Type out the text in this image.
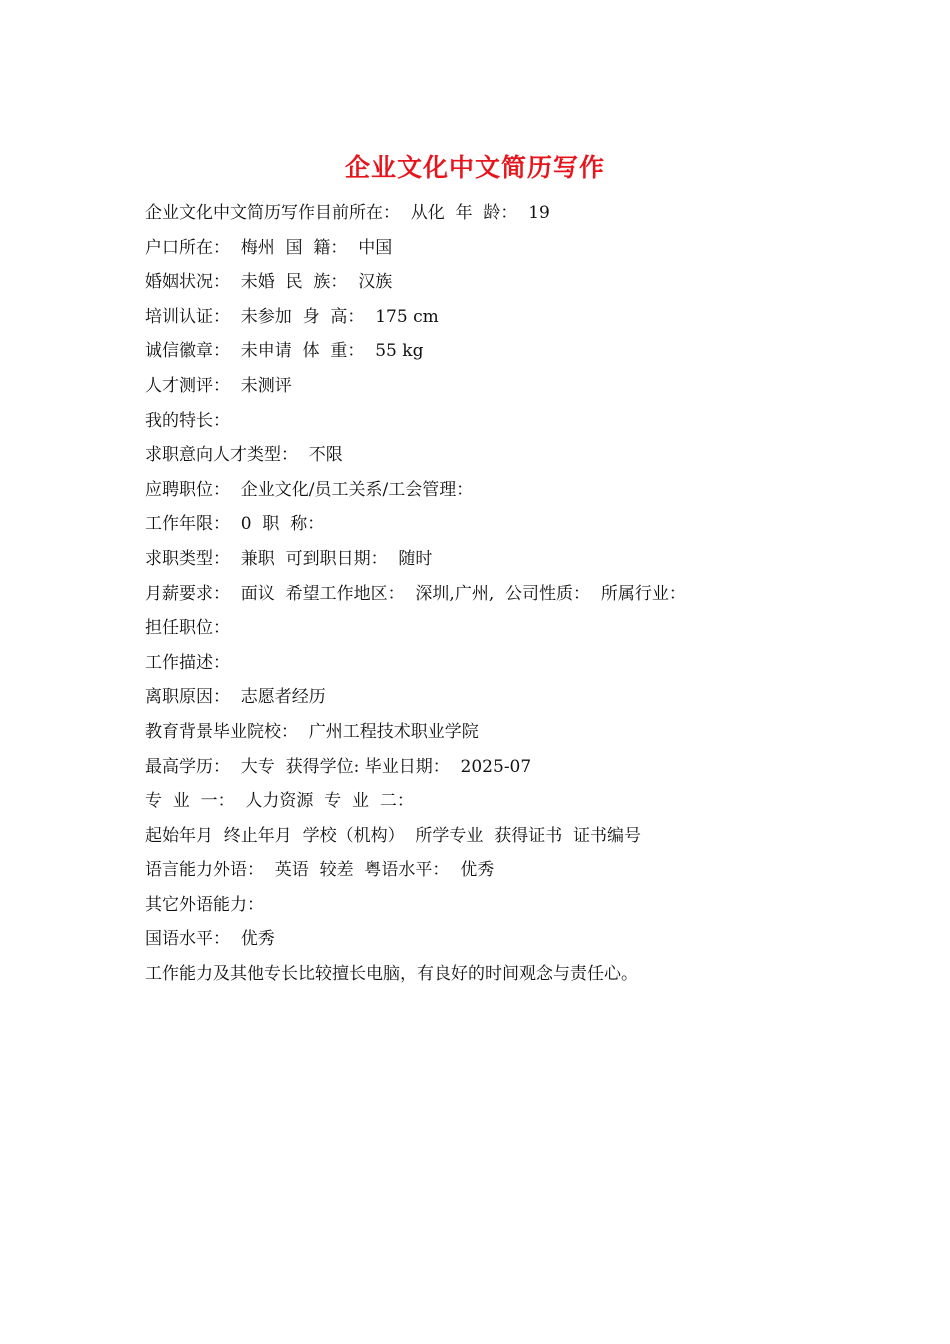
企业文化中文简历写作
企业文化中文简历写作目前所在：  从化  年  龄：  19
户口所在：  梅州  国  籍：  中国
婚姻状况：  未婚  民  族：  汉族
培训认证：  未参加  身  高：  175 cm
诚信徽章：  未申请  体  重：  55 kg
人才测评：  未测评
我的特长：
求职意向人才类型：  不限
应聘职位：  企业文化/员工关系/工会管理：
工作年限：  0  职  称：
求职类型：  兼职  可到职日期：  随时
月薪要求：  面议  希望工作地区：  深圳,广州,  公司性质：  所属行业：
担任职位：
工作描述：
离职原因：  志愿者经历
教育背景毕业院校：  广州工程技术职业学院
最高学历：  大专  获得学位: 毕业日期：  2025-07
专  业  一：  人力资源  专  业  二：
起始年月  终止年月  学校（机构）  所学专业  获得证书  证书编号
语言能力外语：  英语  较差  粤语水平：  优秀
其它外语能力：
国语水平：  优秀
工作能力及其他专长比较擅长电脑，有良好的时间观念与责任心。
